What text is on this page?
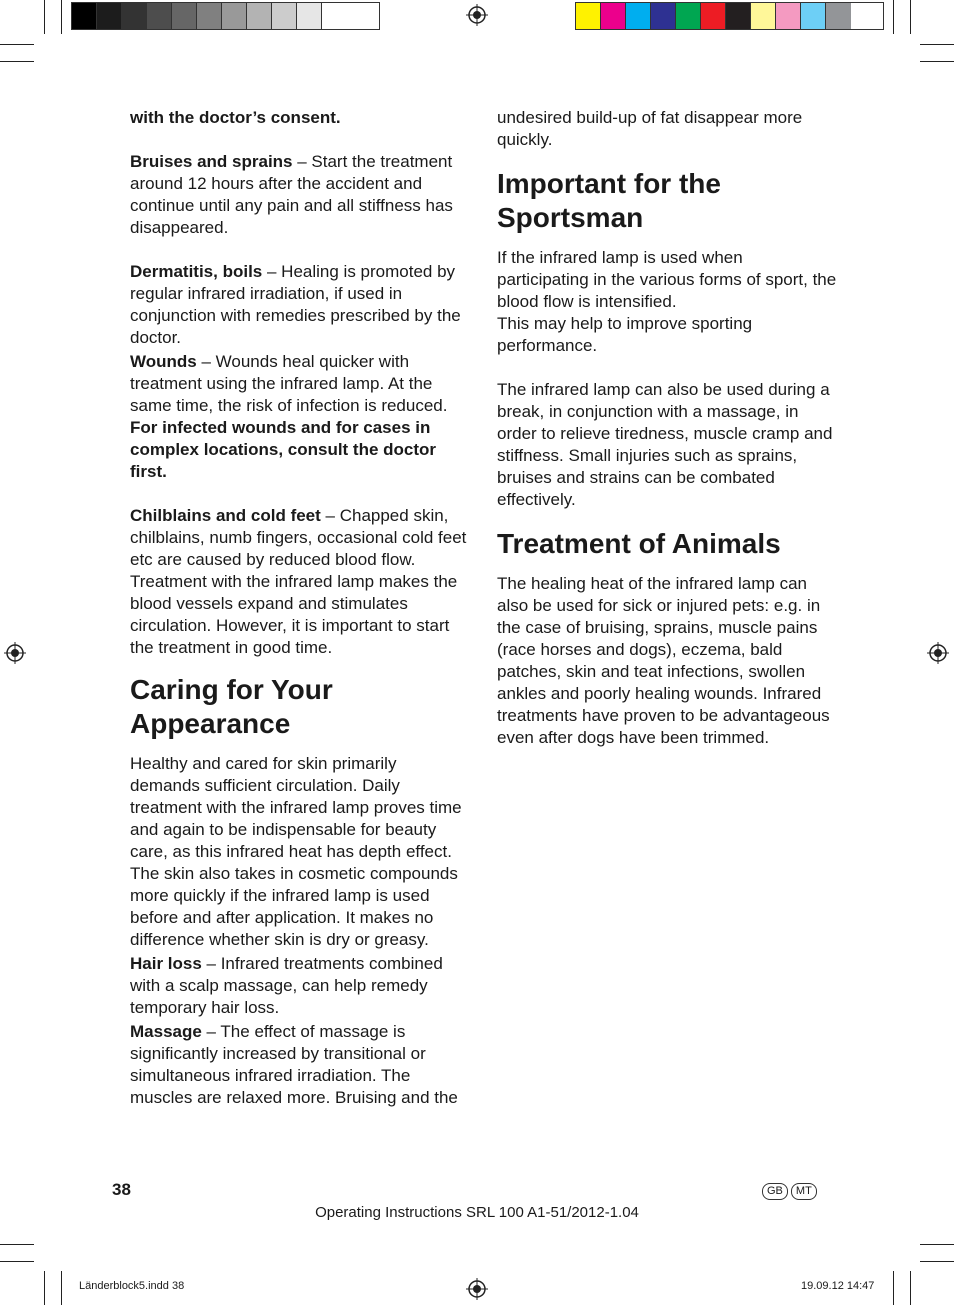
with the doctor’s consent.

Bruises and sprains – Start the treatment around 12 hours after the accident and continue until any pain and all stiffness has disappeared.

Dermatitis, boils – Healing is promoted by regular infrared irradiation, if used in conjunction with remedies prescribed by the doctor.

Wounds – Wounds heal quicker with treatment using the infrared lamp. At the same time, the risk of infection is reduced. For infected wounds and for cases in complex locations, consult the doctor first.

Chilblains and cold feet – Chapped skin, chilblains, numb fingers, occasional cold feet etc are caused by reduced blood flow. Treatment with the infrared lamp makes the blood vessels expand and stimulates circulation. However, it is important to start the treatment in good time.

Caring for Your Appearance

Healthy and cared for skin primarily demands sufficient circulation. Daily treatment with the infrared lamp proves time and again to be indispensable for beauty care, as this infrared heat has depth effect.

The skin also takes in cosmetic compounds more quickly if the infrared lamp is used before and after application. It makes no difference whether skin is dry or greasy.

Hair loss – Infrared treatments combined with a scalp massage, can help remedy temporary hair loss.

Massage – The effect of massage is significantly increased by transitional or simultaneous infrared irradiation. The muscles are relaxed more. Bruising and the

undesired build-up of fat disappear more quickly.

Important for the Sportsman

If the infrared lamp is used when participating in the various forms of sport, the blood flow is intensified.

This may help to improve sporting performance.

The infrared lamp can also be used during a break, in conjunction with a massage, in order to relieve tiredness, muscle cramp and stiffness. Small injuries such as sprains, bruises and strains can be combated effectively.

Treatment of Animals

The healing heat of the infrared lamp can also be used for sick or injured pets: e.g. in the case of bruising, sprains, muscle pains (race horses and dogs), eczema, bald patches, skin and teat infections, swollen ankles and poorly healing wounds. Infrared treatments have proven to be advantageous even after dogs have been trimmed.

38	GB	MT
Operating Instructions SRL 100 A1-51/2012-1.04
Länderblock5.indd 38	19.09.12 14:47
